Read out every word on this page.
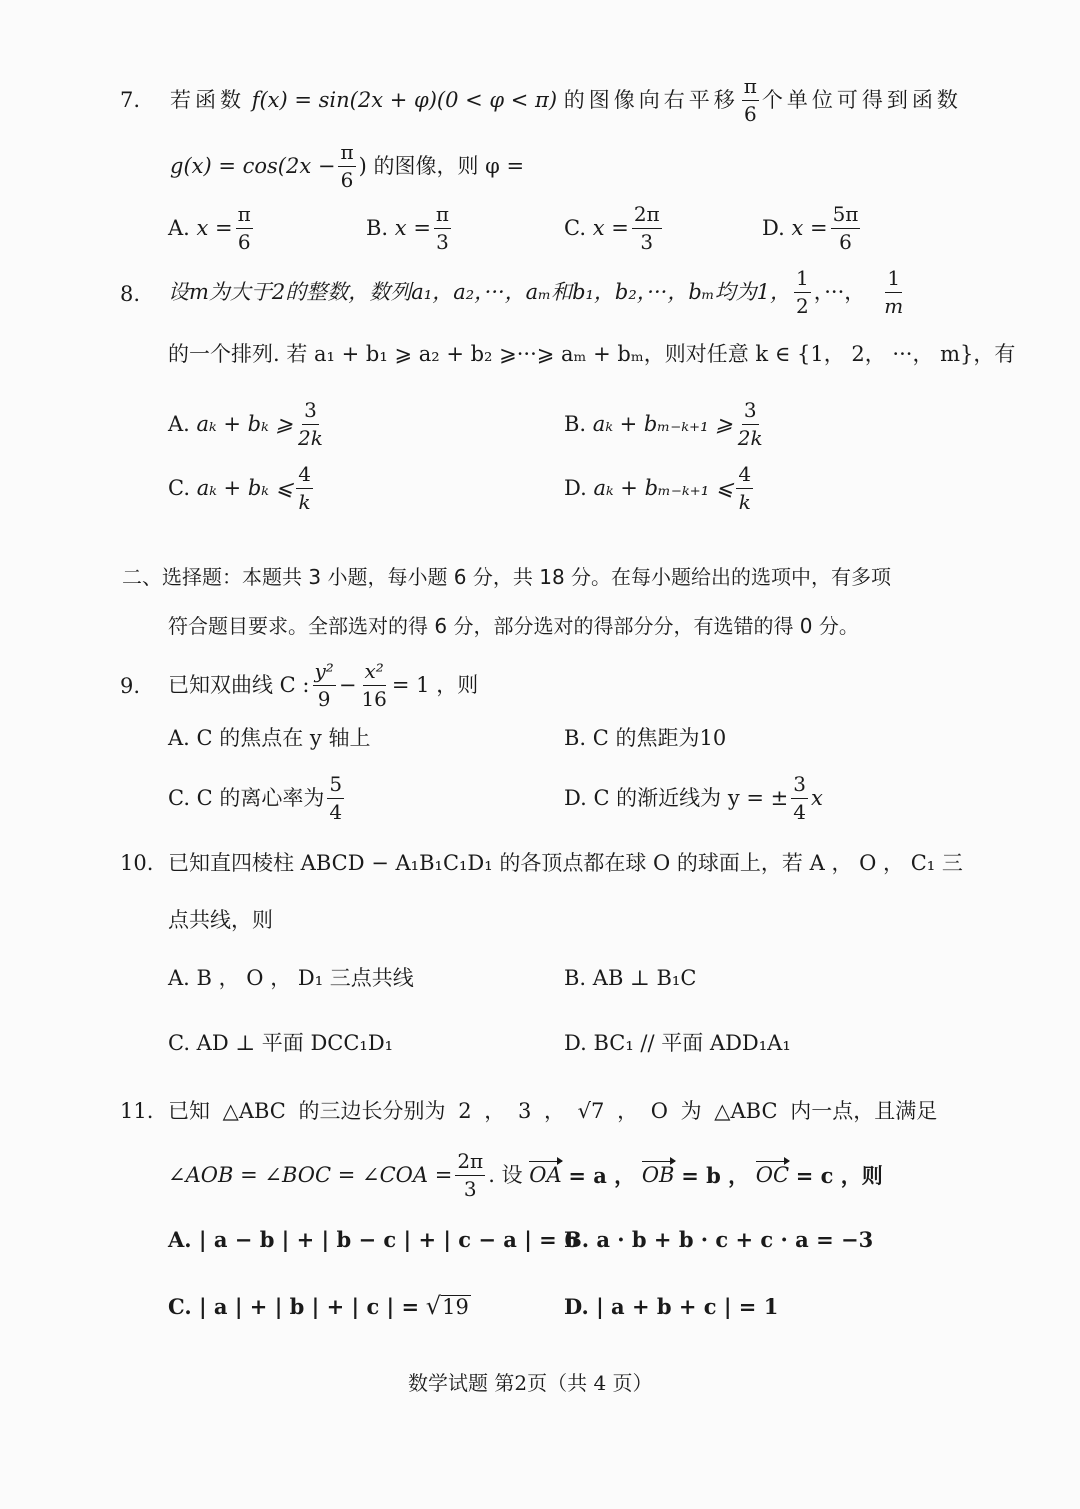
7. 若函数
f(x) = sin(2x + φ)(0 < φ < π)
的图像向右平移 $\frac{\pi}{6}$ 个单位可得到函数
$g(x) = \cos(2x - \frac{\pi}{6}$ ) 的图像，则 φ =
A.
$x = \frac{\pi}{6}$	B.
$x = \frac{\pi}{3}$	C.
$x = \frac{2\pi}{3}$	D.
$x = \frac{5\pi}{6}$
8. 设m为大于2的整数，数列a₁，a₂，···，aₘ和b₁，b₂，···，bₘ均为1， $\frac{1}{2}$ ，···， $\frac{1}{m}$
的一个排列. 若 a₁ + b₁ ⩾ a₂ + b₂ ⩾···⩾ aₘ + bₘ，则对任意 k ∈ {1， 2， ···， m}，有
A.
aₖ + bₖ ⩾ $\frac{3}{2k}$	B.
aₖ + bₘ₋ₖ₊₁ ⩾ $\frac{3}{2k}$
C.
aₖ + bₖ ⩽ $\frac{4}{k}$	D.
aₖ + bₘ₋ₖ₊₁ ⩽ $\frac{4}{k}$
二、选择题：本题共 3 小题，每小题 6 分，共 18 分。在每小题给出的选项中，有多项
符合题目要求。全部选对的得 6 分，部分选对的得部分分，有选错的得 0 分。
9. 已知双曲线 C : $\frac{\text{y²}}{9} - \frac{\text{x²}}{16} = 1$ ，则
A. C 的焦点在 y 轴上	B. C 的焦距为10
C. C 的离心率为 $\frac{5}{4}$	D. C 的渐近线为 y = ± $\frac{3}{4}$ x
10. 已知直四棱柱 ABCD − A₁B₁C₁D₁ 的各顶点都在球 O 的球面上，若 A ， O ， C₁ 三
点共线，则
A. B ， O ， D₁ 三点共线	B. AB ⊥ B₁C
C. AD ⊥ 平面 DCC₁D₁	D. BC₁ // 平面 ADD₁A₁
11. 已知 △ABC 的三边长分别为 2 ， 3 ， √7 ， O 为 △ABC 内一点，且满足
∠AOB = ∠BOC = ∠COA = $\frac{2\pi}{3}$ . 设
OA
= a ，
OB
= b ，
OC
= c ，则
A. | a − b | + | b − c | + | c − a | = 6
B. a · b + b · c + c · a = −3
C. | a | + | b | + | c | =
√ 19	D. | a + b + c | = 1
数学试题 第2页（共 4 页）
